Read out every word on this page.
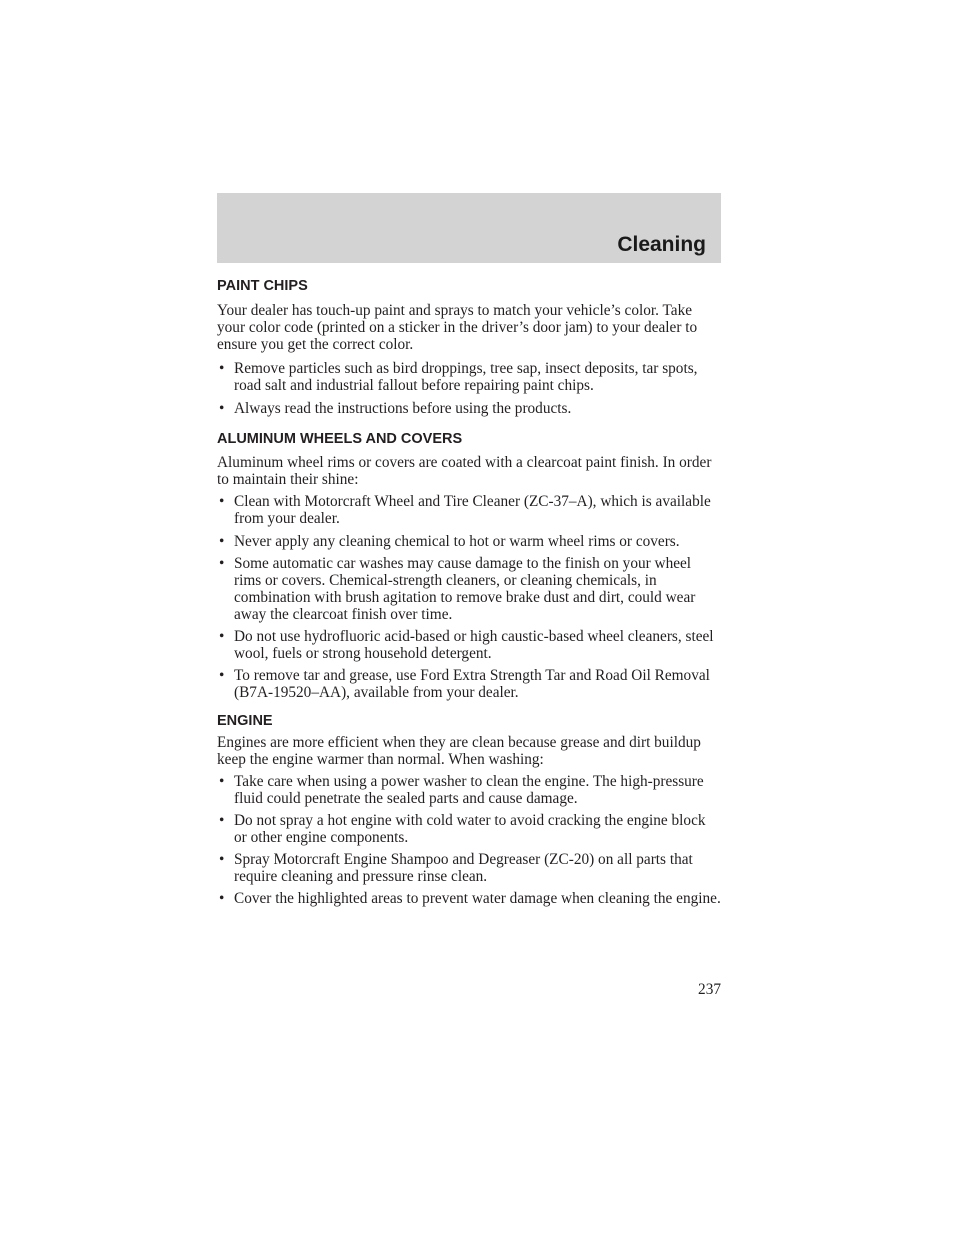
Cleaning
PAINT CHIPS

Your dealer has touch-up paint and sprays to match your vehicle’s color. Take your color code (printed on a sticker in the driver’s door jam) to your dealer to ensure you get the correct color.

• Remove particles such as bird droppings, tree sap, insect deposits, tar spots, road salt and industrial fallout before repairing paint chips.
• Always read the instructions before using the products.
ALUMINUM WHEELS AND COVERS

Aluminum wheel rims or covers are coated with a clearcoat paint finish. In order to maintain their shine:

• Clean with Motorcraft Wheel and Tire Cleaner (ZC-37–A), which is available from your dealer.
• Never apply any cleaning chemical to hot or warm wheel rims or covers.
• Some automatic car washes may cause damage to the finish on your wheel rims or covers. Chemical-strength cleaners, or cleaning chemicals, in combination with brush agitation to remove brake dust and dirt, could wear away the clearcoat finish over time.
• Do not use hydrofluoric acid-based or high caustic-based wheel cleaners, steel wool, fuels or strong household detergent.
• To remove tar and grease, use Ford Extra Strength Tar and Road Oil Removal (B7A-19520–AA), available from your dealer.
ENGINE

Engines are more efficient when they are clean because grease and dirt buildup keep the engine warmer than normal. When washing:

• Take care when using a power washer to clean the engine. The high-pressure fluid could penetrate the sealed parts and cause damage.
• Do not spray a hot engine with cold water to avoid cracking the engine block or other engine components.
• Spray Motorcraft Engine Shampoo and Degreaser (ZC-20) on all parts that require cleaning and pressure rinse clean.
• Cover the highlighted areas to prevent water damage when cleaning the engine.
237
